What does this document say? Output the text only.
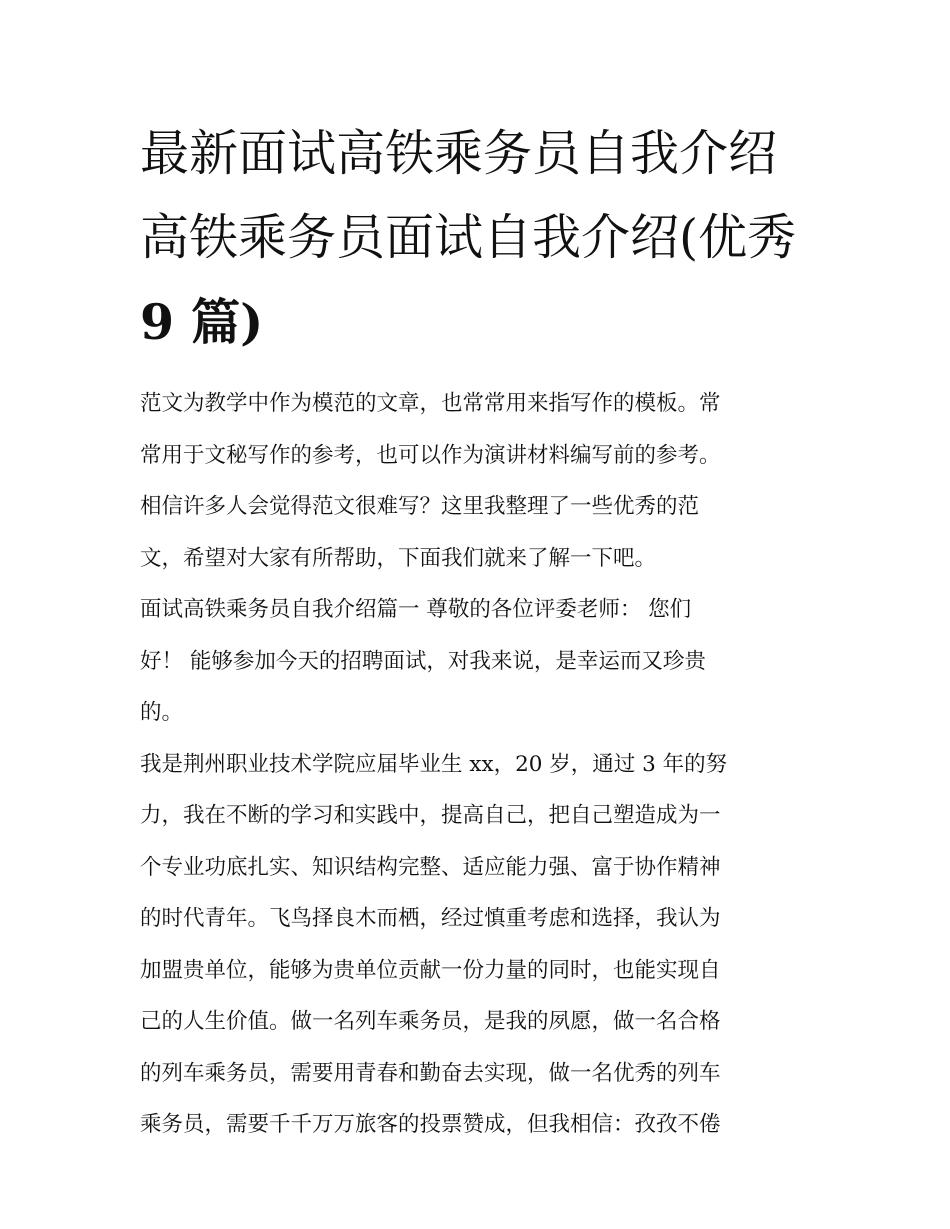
最新面试高铁乘务员自我介绍
高铁乘务员面试自我介绍(优秀
9 篇)

范文为教学中作为模范的文章，也常常用来指写作的模板。常
常用于文秘写作的参考，也可以作为演讲材料编写前的参考。
相信许多人会觉得范文很难写？这里我整理了一些优秀的范
文，希望对大家有所帮助，下面我们就来了解一下吧。

面试高铁乘务员自我介绍篇一 尊敬的各位评委老师： 您们
好！ 能够参加今天的招聘面试，对我来说，是幸运而又珍贵
的。

我是荆州职业技术学院应届毕业生 xx，20 岁，通过 3 年的努
力，我在不断的学习和实践中，提高自己，把自己塑造成为一
个专业功底扎实、知识结构完整、适应能力强、富于协作精神
的时代青年。飞鸟择良木而栖，经过慎重考虑和选择，我认为
加盟贵单位，能够为贵单位贡献一份力量的同时，也能实现自
己的人生价值。做一名列车乘务员，是我的夙愿，做一名合格
的列车乘务员，需要用青春和勤奋去实现，做一名优秀的列车
乘务员，需要千千万万旅客的投票赞成，但我相信：孜孜不倦
